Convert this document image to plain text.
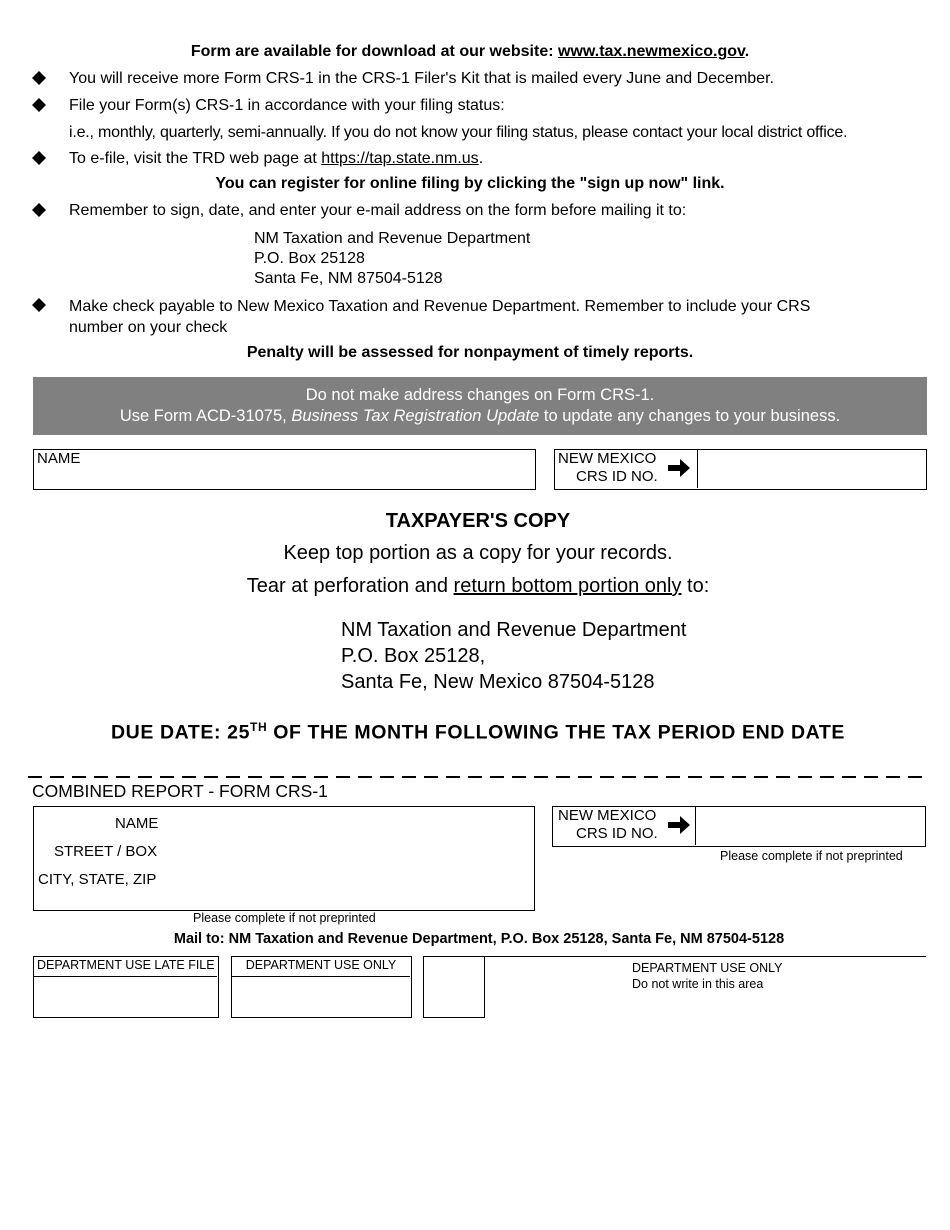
Form are available for download at our website: www.tax.newmexico.gov.
You will receive more Form CRS-1 in the CRS-1 Filer's Kit that is mailed every June and December.
File your Form(s) CRS-1 in accordance with your filing status:
i.e., monthly, quarterly, semi-annually. If you do not know your filing status, please contact your local district office.
To e-file, visit the TRD web page at https://tap.state.nm.us.
You can register for online filing by clicking the "sign up now" link.
Remember to sign, date, and enter your e-mail address on the form before mailing it to:
NM Taxation and Revenue Department
P.O. Box 25128
Santa Fe, NM 87504-5128
Make check payable to New Mexico Taxation and Revenue Department. Remember to include your CRS
number on your check
Penalty will be assessed for nonpayment of timely reports.
Do not make address changes on Form CRS-1.
Use Form ACD-31075, Business Tax Registration Update to update any changes to your business.
NAME	NEW MEXICO
CRS ID NO.
TAXPAYER'S COPY
Keep top portion as a copy for your records.
Tear at perforation and return bottom portion only to:
NM Taxation and Revenue Department
P.O. Box 25128,
Santa Fe, New Mexico 87504-5128
DUE DATE: 25TH OF THE MONTH FOLLOWING THE TAX PERIOD END DATE
COMBINED REPORT - FORM CRS-1
NAME
STREET / BOX
CITY, STATE, ZIP
Please complete if not preprinted
NEW MEXICO
CRS ID NO.
Please complete if not preprinted
Mail to: NM Taxation and Revenue Department, P.O. Box 25128, Santa Fe, NM 87504-5128
DEPARTMENT USE LATE FILE	DEPARTMENT USE ONLY	DEPARTMENT USE ONLY
Do not write in this area
